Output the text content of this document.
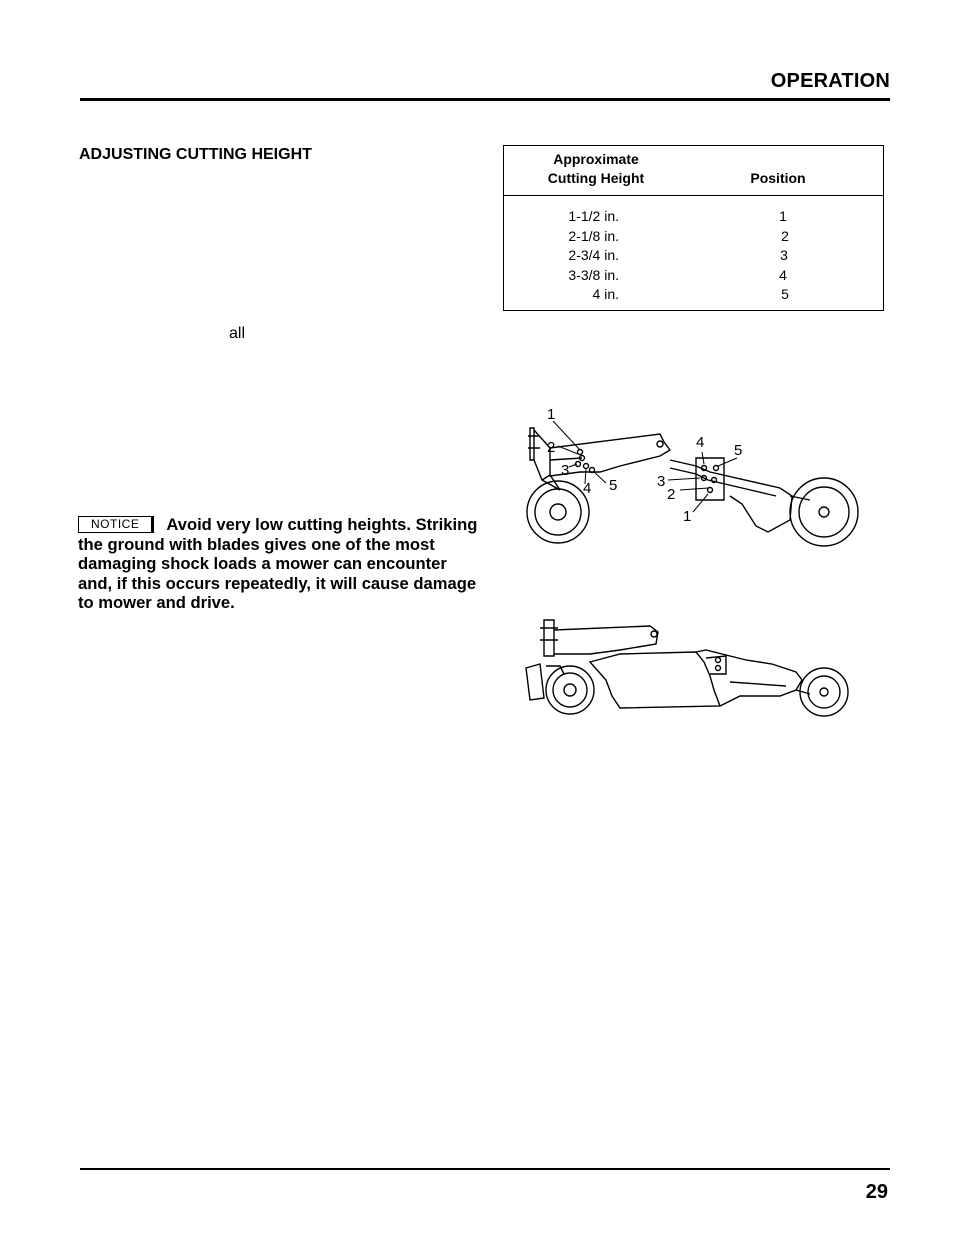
OPERATION
ADJUSTING CUTTING HEIGHT
all
Approximate
Cutting Height	Position
1-1/2 in.	1
2-1/8 in.	2
2-3/4 in.	3
3-3/8 in.	4
4 in.	5
NOTICE Avoid very low cutting heights. Striking the ground with blades gives one of the most damaging shock loads a mower can encounter and, if this occurs repeatedly, it will cause damage to mower and drive.
1
2
3
4 5
4 5
3
2
1
29
